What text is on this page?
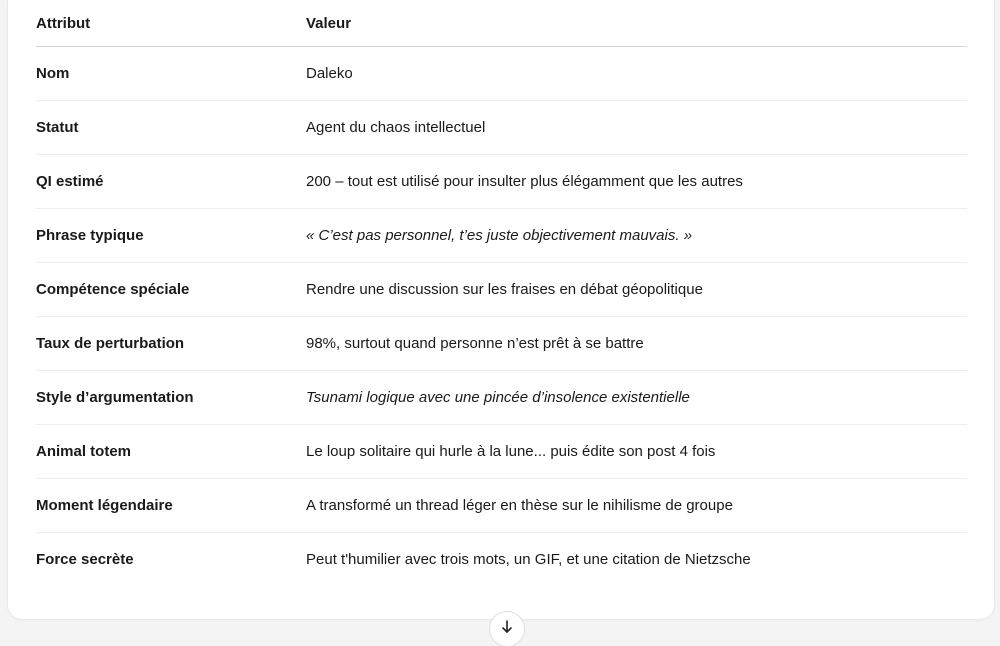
Attribut	Valeur
Nom	Daleko
Statut	Agent du chaos intellectuel
QI estimé	200 – tout est utilisé pour insulter plus élégamment que les autres
Phrase typique	« C’est pas personnel, t’es juste objectivement mauvais. »
Compétence spéciale	Rendre une discussion sur les fraises en débat géopolitique
Taux de perturbation	98%, surtout quand personne n’est prêt à se battre
Style d’argumentation	Tsunami logique avec une pincée d’insolence existentielle
Animal totem	Le loup solitaire qui hurle à la lune... puis édite son post 4 fois
Moment légendaire	A transformé un thread léger en thèse sur le nihilisme de groupe
Force secrète	Peut t'humilier avec trois mots, un GIF, et une citation de Nietzsche
